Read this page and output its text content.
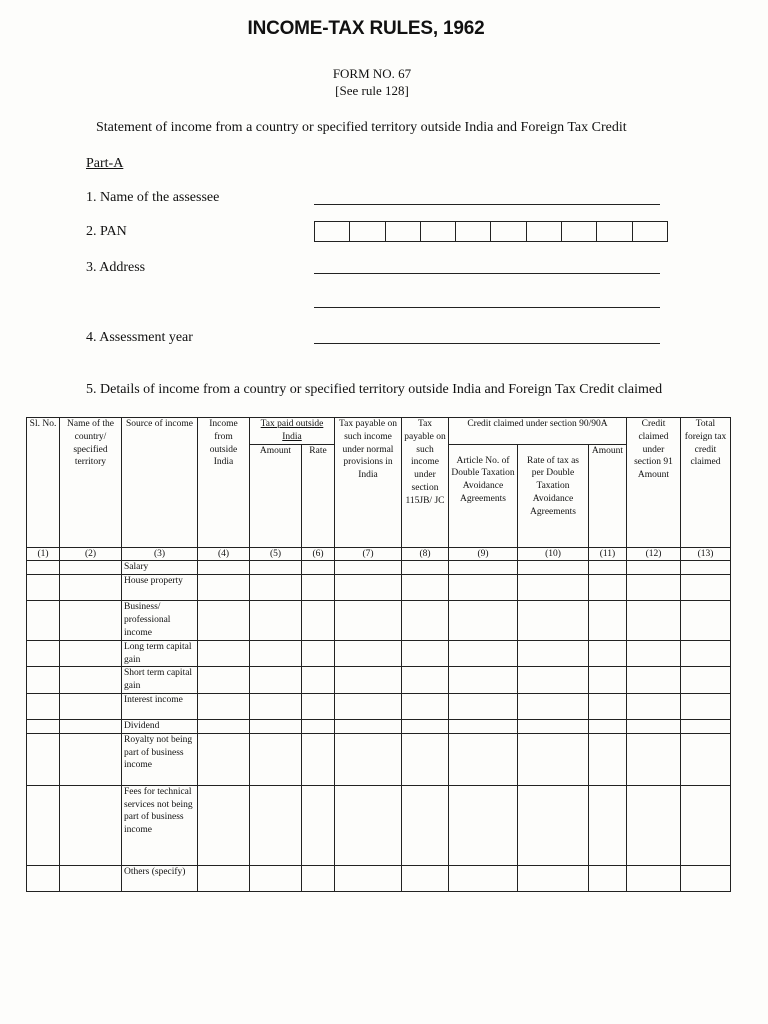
INCOME-TAX RULES, 1962
FORM NO. 67
[See rule 128]
Statement of income from a country or specified territory outside India and Foreign Tax Credit
Part-A
1. Name of the assessee
2. PAN
3. Address
4. Assessment year
5. Details of income from a country or specified territory outside India and Foreign Tax Credit claimed
Sl. No.	Name of the country/ specified territory	Source of income	Income from outside India	Tax paid outside India		Tax payable on such income under normal provisions in India	Tax payable on such income under section 115JB/ JC	Credit claimed under section 90/90A			Credit claimed under section 91 Amount	Total foreign tax credit claimed
				Amount	Rate			Article No. of Double Taxation Avoidance Agreements	Rate of tax as per Double Taxation Avoidance Agreements	Amount		

(1)	(2)	(3)	(4)	(5)	(6)	(7)	(8)	(9)	(10)	(11)	(12)	(13)
		Salary										
		House property										
		Business/ professional income										
		Long term capital gain										
		Short term capital gain										
		Interest income										
		Dividend										
		Royalty not being part of business income										
		Fees for technical services not being part of business income										
		Others (specify)										
